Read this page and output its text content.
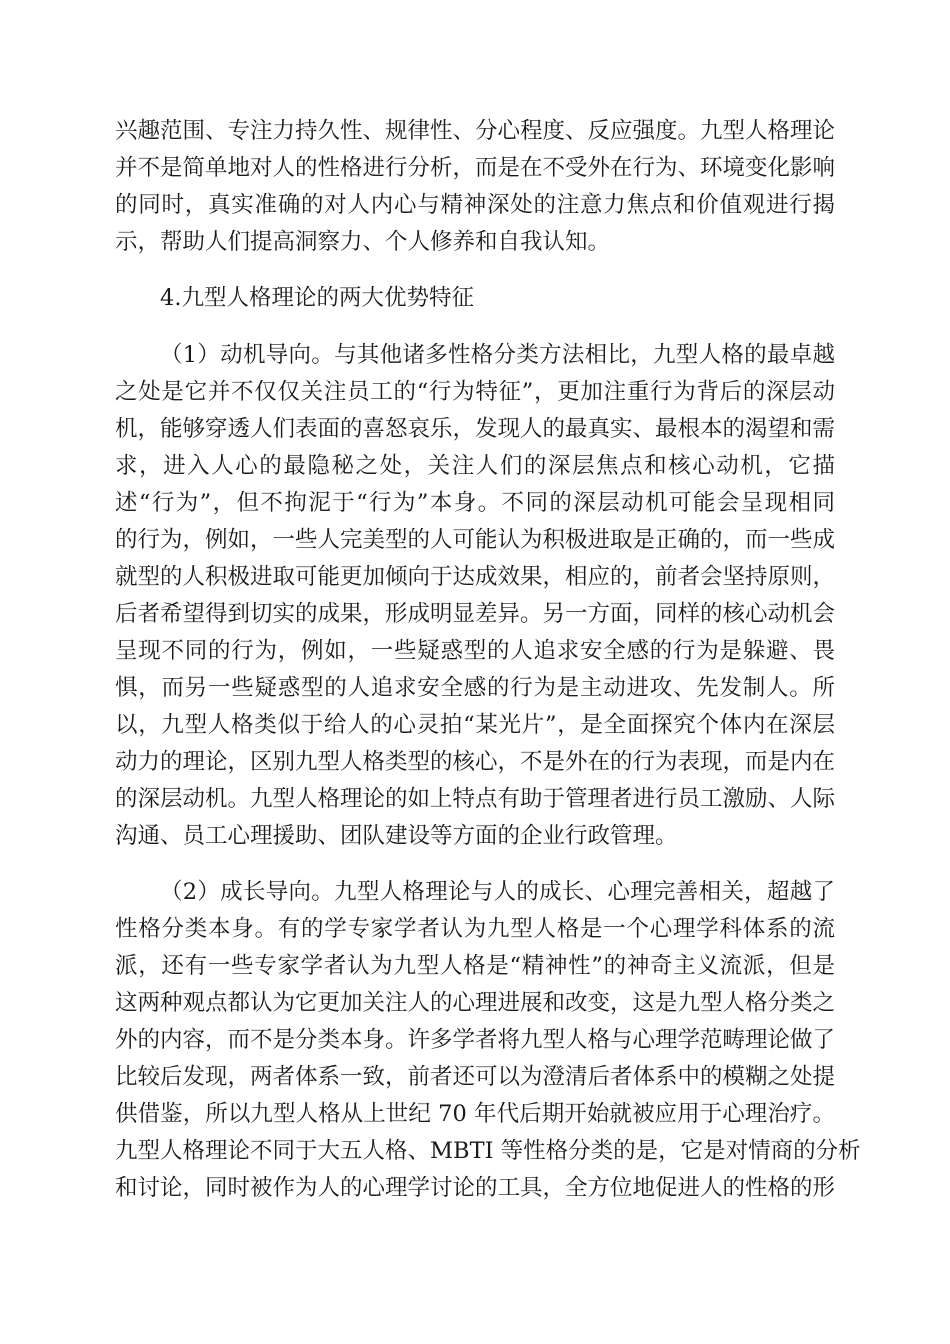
兴趣范围、专注力持久性、规律性、分心程度、反应强度。九型人格理论
并不是简单地对人的性格进行分析，而是在不受外在行为、环境变化影响
的同时，真实准确的对人内心与精神深处的注意力焦点和价值观进行揭
示，帮助人们提高洞察力、个人修养和自我认知。
4.九型人格理论的两大优势特征
（1）动机导向。与其他诸多性格分类方法相比，九型人格的最卓越
之处是它并不仅仅关注员工的“行为特征”，更加注重行为背后的深层动
机，能够穿透人们表面的喜怒哀乐，发现人的最真实、最根本的渴望和需
求，进入人心的最隐秘之处，关注人们的深层焦点和核心动机，它描
述“行为”，但不拘泥于“行为”本身。不同的深层动机可能会呈现相同
的行为，例如，一些人完美型的人可能认为积极进取是正确的，而一些成
就型的人积极进取可能更加倾向于达成效果，相应的，前者会坚持原则，
后者希望得到切实的成果，形成明显差异。另一方面，同样的核心动机会
呈现不同的行为，例如，一些疑惑型的人追求安全感的行为是躲避、畏
惧，而另一些疑惑型的人追求安全感的行为是主动进攻、先发制人。所
以，九型人格类似于给人的心灵拍“某光片”，是全面探究个体内在深层
动力的理论，区别九型人格类型的核心，不是外在的行为表现，而是内在
的深层动机。九型人格理论的如上特点有助于管理者进行员工激励、人际
沟通、员工心理援助、团队建设等方面的企业行政管理。
（2）成长导向。九型人格理论与人的成长、心理完善相关，超越了
性格分类本身。有的学专家学者认为九型人格是一个心理学科体系的流
派，还有一些专家学者认为九型人格是“精神性”的神奇主义流派，但是
这两种观点都认为它更加关注人的心理进展和改变，这是九型人格分类之
外的内容，而不是分类本身。许多学者将九型人格与心理学范畴理论做了
比较后发现，两者体系一致，前者还可以为澄清后者体系中的模糊之处提
供借鉴，所以九型人格从上世纪 70 年代后期开始就被应用于心理治疗。
九型人格理论不同于大五人格、MBTI 等性格分类的是，它是对情商的分析
和讨论，同时被作为人的心理学讨论的工具，全方位地促进人的性格的形
